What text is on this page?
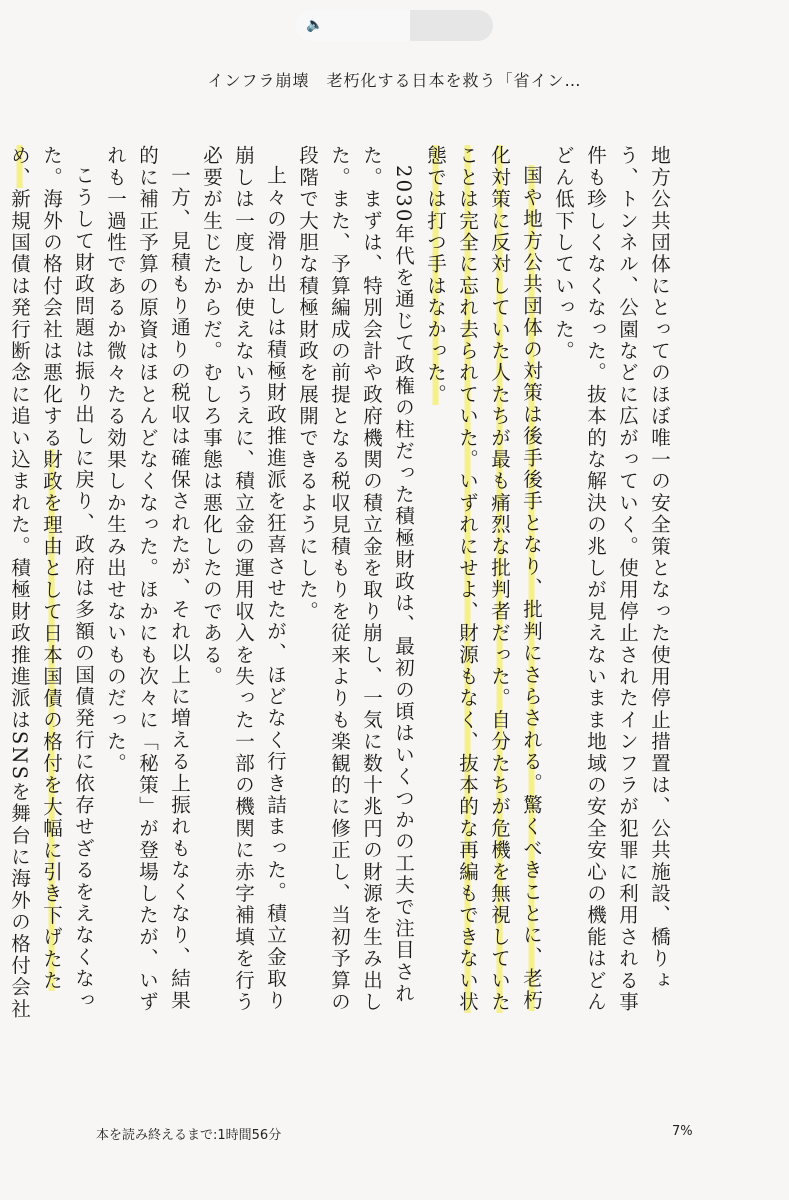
🔈
インフラ崩壊　老朽化する日本を救う「省イン…

地方公共団体にとってのほぼ唯一の安全策となった使用停止措置は、公共施設、橋りょう、トンネル、公園などに広がっていく。使用停止されたインフラが犯罪に利用される事件も珍しくなくなった。抜本的な解決の兆しが見えないまま地域の安全安心の機能はどんどん低下していった。

国や地方公共団体の対策は後手後手となり、批判にさらされる。驚くべきことに、老朽化対策に反対していた人たちが最も痛烈な批判者だった。自分たちが危機を無視していたことは完全に忘れ去られていた。いずれにせよ、財源もなく、抜本的な再編もできない状態では打つ手はなかった。

2030年代を通じて政権の柱だった積極財政は、最初の頃はいくつかの工夫で注目された。まずは、特別会計や政府機関の積立金を取り崩し、一気に数十兆円の財源を生み出した。また、予算編成の前提となる税収見積もりを従来よりも楽観的に修正し、当初予算の段階で大胆な積極財政を展開できるようにした。

上々の滑り出しは積極財政推進派を狂喜させたが、ほどなく行き詰まった。積立金取り崩しは一度しか使えないうえに、積立金の運用収入を失った一部の機関に赤字補填を行う必要が生じたからだ。むしろ事態は悪化したのである。

一方、見積もり通りの税収は確保されたが、それ以上に増える上振れもなくなり、結果的に補正予算の原資はほとんどなくなった。ほかにも次々に「秘策」が登場したが、いずれも一過性であるか微々たる効果しか生み出せないものだった。

こうして財政問題は振り出しに戻り、政府は多額の国債発行に依存せざるをえなくなった。海外の格付会社は悪化する財政を理由として日本国債の格付を大幅に引き下げたため、新規国債は発行断念に追い込まれた。積極財政推進派はSNSを舞台に海外の格付会社

本を読み終えるまで:1時間56分	7%
